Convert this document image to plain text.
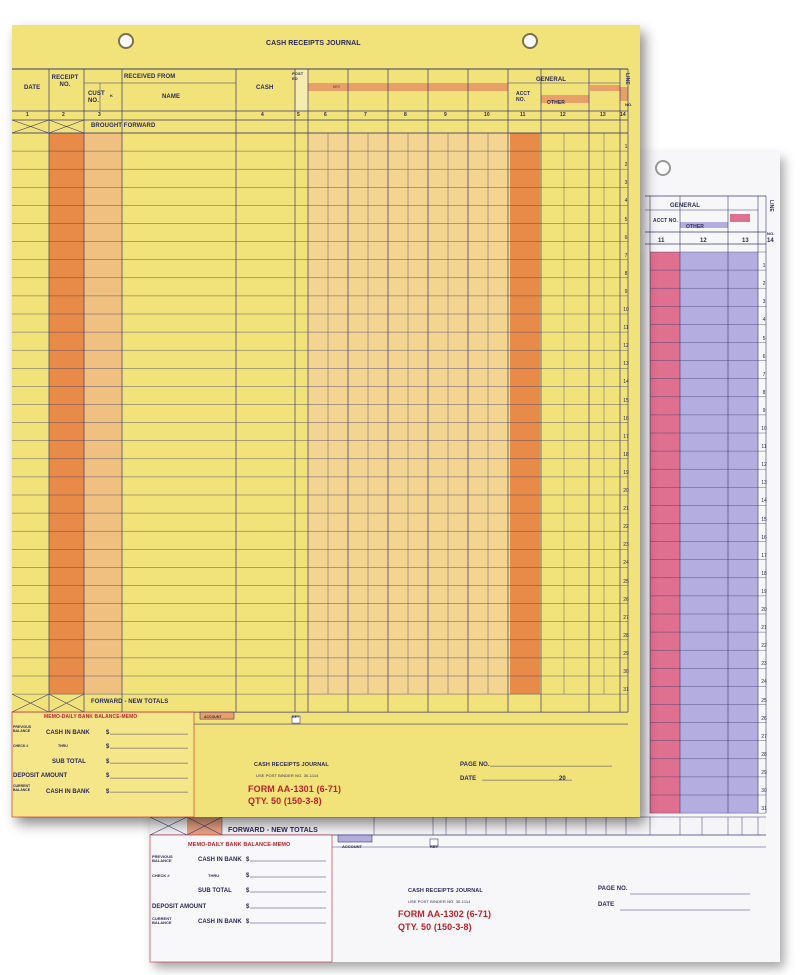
GENERAL
ACCT NO.
OTHER
LINE
NO.
11	12	13	14
1
2
3
4
5
6
7
8
9
10
11
12
13
14
15
16
17
18
19
20
21
22
23
24
25
26
27
28
29
30
31
FORWARD - NEW TOTALS
MEMO-DAILY BANK BALANCE-MEMO
PREVIOUS BALANCE	CASH IN BANK
CHECK #	THRU
SUB TOTAL
DEPOSIT AMOUNT
CURRENT BALANCE	CASH IN BANK
$
$
$
$
$
ACCOUNT	KEY
CASH RECEIPTS JOURNAL
USE POST BINDER NO. 30-1114
FORM AA-1302 (6-71)
QTY. 50 (150-3-8)
PAGE NO.
DATE
CASH RECEIPTS JOURNAL
DATE
RECEIPT NO.
RECEIVED FROM
CUST NO.
K	NAME
CASH
POST ED	GENERAL
ACCT NO.	OTHER
LINE
NO.
KEY
1	2	3	4	5	6	7	8	9	10	11	12	13	14
BROUGHT FORWARD
1
2
3
4
5
6
7
8
9
10
11
12
13
14
15
16
17
18
19
20
21
22
23
24
25
26
27
28
29
30
31
FORWARD - NEW TOTALS
MEMO-DAILY BANK BALANCE-MEMO
PREVIOUS BALANCE	CASH IN BANK
CHECK #	THRU
SUB TOTAL
DEPOSIT AMOUNT
CURRENT BALANCE	CASH IN BANK
$
$
$
$
$
ACCOUNT	KEY
CASH RECEIPTS JOURNAL
USE POST BINDER NO. 30-1114
FORM AA-1301 (6-71)
QTY. 50 (150-3-8)
PAGE NO.
DATE	20
